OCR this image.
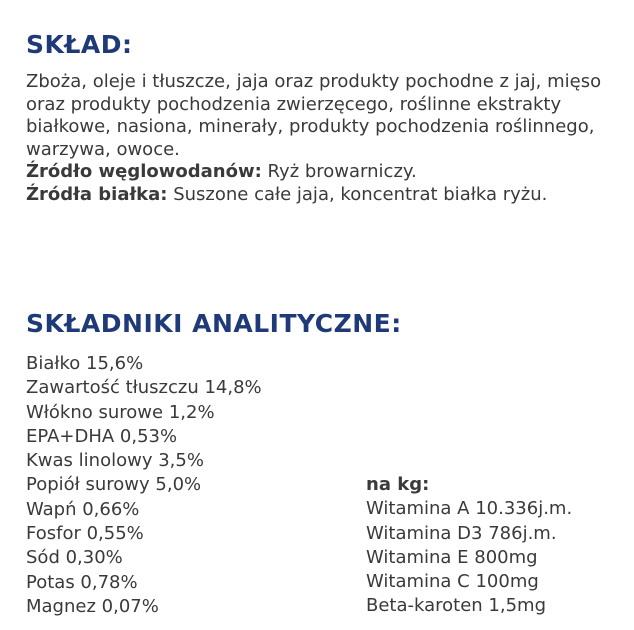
SKŁAD:

Zboża, oleje i tłuszcze, jaja oraz produkty pochodne z jaj, mięso oraz produkty pochodzenia zwierzęcego, roślinne ekstrakty białkowe, nasiona, minerały, produkty pochodzenia roślinnego, warzywa, owoce.

Źródło węglowodanów: Ryż browarniczy.

Źródła białka: Suszone całe jaja, koncentrat białka ryżu.

SKŁADNIKI ANALITYCZNE:
Białko 15,6%
Zawartość tłuszczu 14,8%
Włókno surowe 1,2%
EPA+DHA 0,53%
Kwas linolowy 3,5%
Popiół surowy 5,0%
Wapń 0,66%
Fosfor 0,55%
Sód 0,30%
Potas 0,78%
Magnez 0,07%
na kg:
Witamina A 10.336j.m.
Witamina D3 786j.m.
Witamina E 800mg
Witamina C 100mg
Beta-karoten 1,5mg
